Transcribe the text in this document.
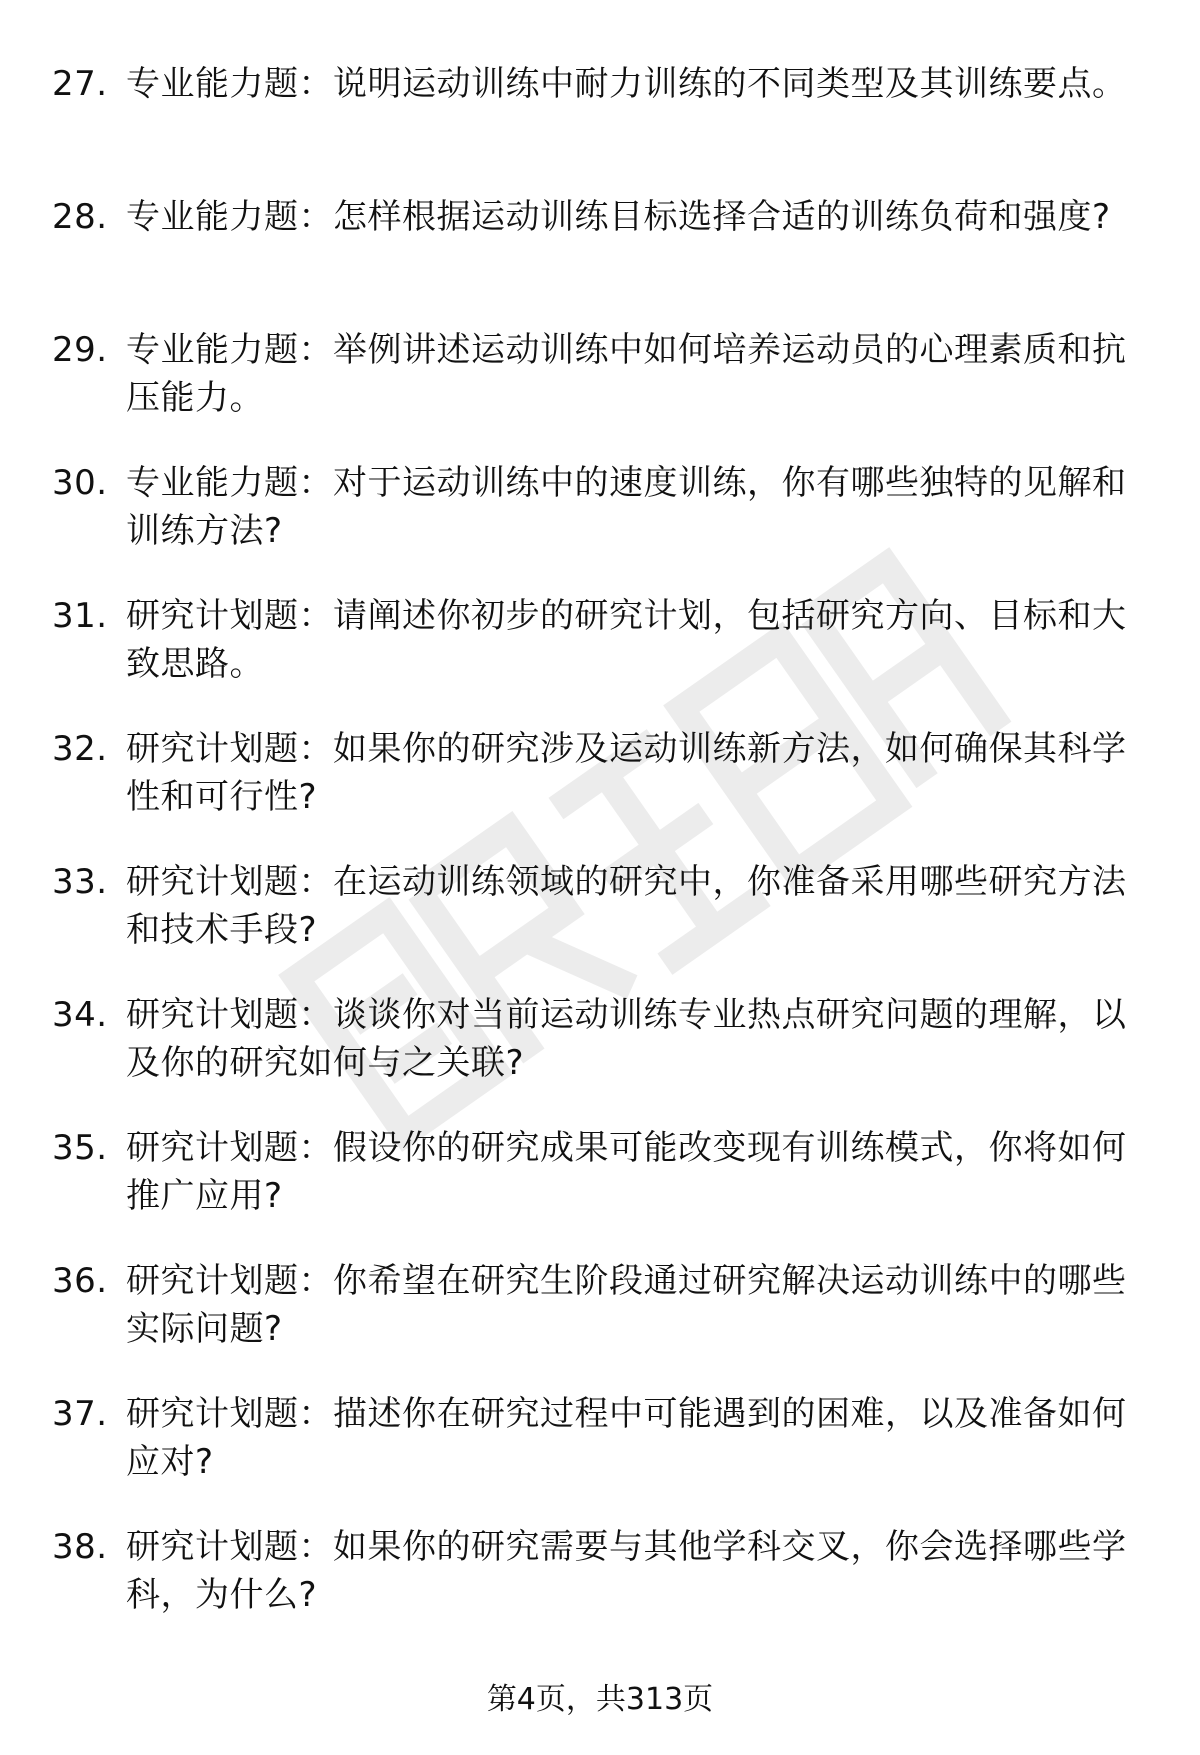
27. 专业能力题：说明运动训练中耐力训练的不同类型及其训练要点。
28. 专业能力题：怎样根据运动训练目标选择合适的训练负荷和强度?
29. 专业能力题：举例讲述运动训练中如何培养运动员的心理素质和抗压能力。
30. 专业能力题：对于运动训练中的速度训练，你有哪些独特的见解和训练方法?
31. 研究计划题：请阐述你初步的研究计划，包括研究方向、目标和大致思路。
32. 研究计划题：如果你的研究涉及运动训练新方法，如何确保其科学性和可行性?
33. 研究计划题：在运动训练领域的研究中，你准备采用哪些研究方法和技术手段?
34. 研究计划题：谈谈你对当前运动训练专业热点研究问题的理解，以及你的研究如何与之关联?
35. 研究计划题：假设你的研究成果可能改变现有训练模式，你将如何推广应用?
36. 研究计划题：你希望在研究生阶段通过研究解决运动训练中的哪些实际问题?
37. 研究计划题：描述你在研究过程中可能遇到的困难，以及准备如何应对?
38. 研究计划题：如果你的研究需要与其他学科交叉，你会选择哪些学科，为什么?
第4页，共313页
